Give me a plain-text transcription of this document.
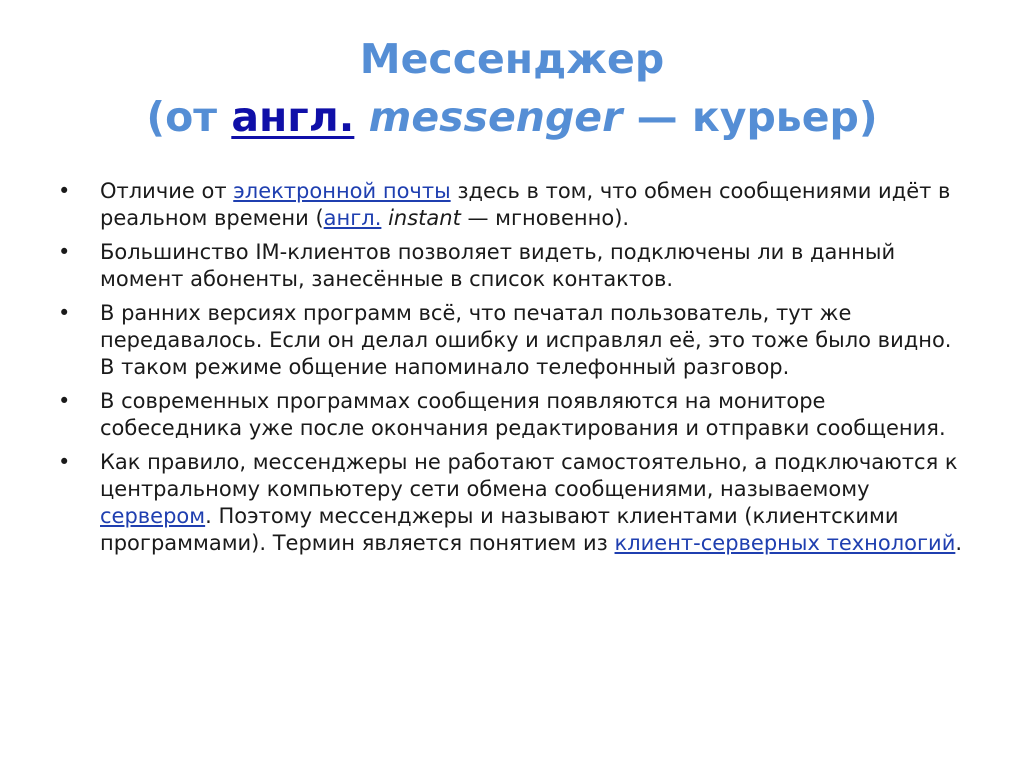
Мессенджер
(от англ. messenger — курьер)
•	Отличие от электронной почты здесь в том, что обмен сообщениями идёт в реальном времени (англ. instant — мгновенно).
•	Большинство IM-клиентов позволяет видеть, подключены ли в данный момент абоненты, занесённые в список контактов.
•	В ранних версиях программ всё, что печатал пользователь, тут же передавалось. Если он делал ошибку и исправлял её, это тоже было видно. В таком режиме общение напоминало телефонный разговор.
•	В современных программах сообщения появляются на мониторе собеседника уже после окончания редактирования и отправки сообщения.
•	Как правило, мессенджеры не работают самостоятельно, а подключаются к центральному компьютеру сети обмена сообщениями, называемому сервером. Поэтому мессенджеры и называют клиентами (клиентскими программами). Термин является понятием из клиент-серверных технологий.
